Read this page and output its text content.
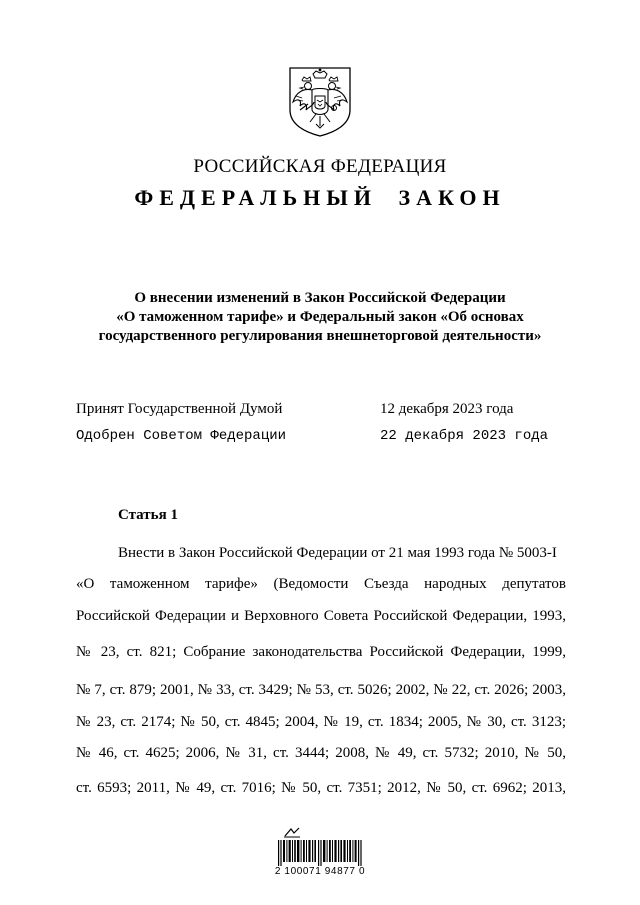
РОССИЙСКАЯ ФЕДЕРАЦИЯ
ФЕДЕРАЛЬНЫЙ ЗАКОН
О внесении изменений в Закон Российской Федерации
«О таможенном тарифе» и Федеральный закон «Об основах
государственного регулирования внешнеторговой деятельности»
Принят Государственной Думой	12 декабря 2023 года
Одобрен Советом Федерации	22 декабря 2023 года
Статья 1
Внести в Закон Российской Федерации от 21 мая 1993 года № 5003-I
«О таможенном тарифе» (Ведомости Съезда народных депутатов
Российской Федерации и Верховного Совета Российской Федерации, 1993,
№ 23, ст. 821; Собрание законодательства Российской Федерации, 1999,
№ 7, ст. 879; 2001, № 33, ст. 3429; № 53, ст. 5026; 2002, № 22, ст. 2026; 2003,
№ 23, ст. 2174; № 50, ст. 4845; 2004, № 19, ст. 1834; 2005, № 30, ст. 3123;
№ 46, ст. 4625; 2006, № 31, ст. 3444; 2008, № 49, ст. 5732; 2010, № 50,
ст. 6593; 2011, № 49, ст. 7016; № 50, ст. 7351; 2012, № 50, ст. 6962; 2013,
2 100071 94877 0
